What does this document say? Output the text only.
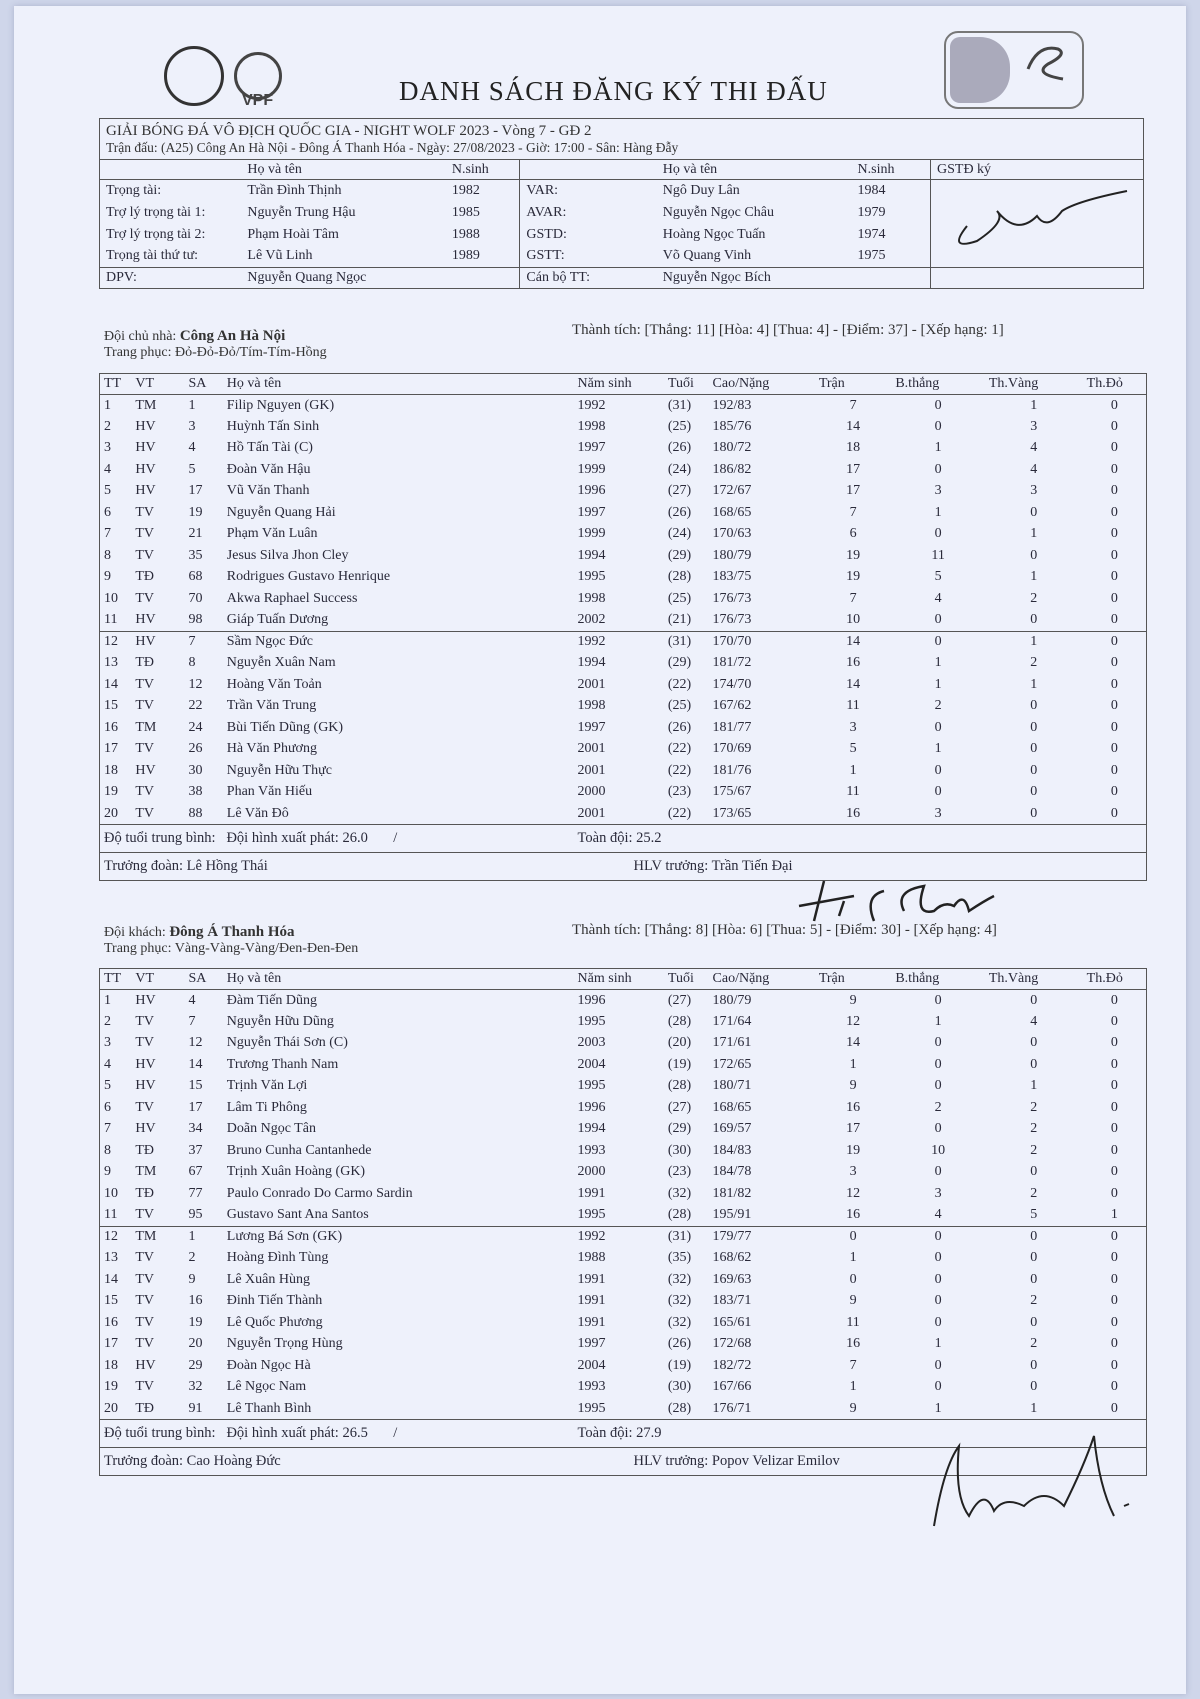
VPF	DANH SÁCH ĐĂNG KÝ THI ĐẤU
GIẢI BÓNG ĐÁ VÔ ĐỊCH QUỐC GIA - NIGHT WOLF 2023 - Vòng 7 - GĐ 2
Trận đấu: (A25) Công An Hà Nội - Đông Á Thanh Hóa - Ngày: 27/08/2023 - Giờ: 17:00 - Sân: Hàng Đẫy
	Họ và tên	N.sinh		Họ và tên	N.sinh	GSTĐ ký
Trọng tài:	Trần Đình Thịnh	1982	VAR:	Ngô Duy Lân	1984	
Trợ lý trọng tài 1:	Nguyễn Trung Hậu	1985	AVAR:	Nguyễn Ngọc Châu	1979	
Trợ lý trọng tài 2:	Phạm Hoài Tâm	1988	GSTD:	Hoàng Ngọc Tuấn	1974	
Trọng tài thứ tư:	Lê Vũ Linh	1989	GSTT:	Võ Quang Vinh	1975	
DPV:	Nguyễn Quang Ngọc		Cán bộ TT:	Nguyễn Ngọc Bích		
Đội chủ nhà: Công An Hà Nội
Trang phục: Đỏ-Đỏ-Đỏ/Tím-Tím-Hồng
Thành tích: [Thắng: 11] [Hòa: 4] [Thua: 4] - [Điểm: 37] - [Xếp hạng: 1]
TT	VT	SA	Họ và tên	Năm sinh	Tuổi	Cao/Nặng	Trận	B.thắng	Th.Vàng	Th.Đỏ
1	TM	1	Filip Nguyen (GK)	1992	(31)	192/83	7	0	1	0
2	HV	3	Huỳnh Tấn Sinh	1998	(25)	185/76	14	0	3	0
3	HV	4	Hồ Tấn Tài (C)	1997	(26)	180/72	18	1	4	0
4	HV	5	Đoàn Văn Hậu	1999	(24)	186/82	17	0	4	0
5	HV	17	Vũ Văn Thanh	1996	(27)	172/67	17	3	3	0
6	TV	19	Nguyễn Quang Hải	1997	(26)	168/65	7	1	0	0
7	TV	21	Phạm Văn Luân	1999	(24)	170/63	6	0	1	0
8	TV	35	Jesus Silva Jhon Cley	1994	(29)	180/79	19	11	0	0
9	TĐ	68	Rodrigues Gustavo Henrique	1995	(28)	183/75	19	5	1	0
10	TV	70	Akwa Raphael Success	1998	(25)	176/73	7	4	2	0
11	HV	98	Giáp Tuấn Dương	2002	(21)	176/73	10	0	0	0
12	HV	7	Sầm Ngọc Đức	1992	(31)	170/70	14	0	1	0
13	TĐ	8	Nguyễn Xuân Nam	1994	(29)	181/72	16	1	2	0
14	TV	12	Hoàng Văn Toản	2001	(22)	174/70	14	1	1	0
15	TV	22	Trần Văn Trung	1998	(25)	167/62	11	2	0	0
16	TM	24	Bùi Tiến Dũng (GK)	1997	(26)	181/77	3	0	0	0
17	TV	26	Hà Văn Phương	2001	(22)	170/69	5	1	0	0
18	HV	30	Nguyễn Hữu Thực	2001	(22)	181/76	1	0	0	0
19	TV	38	Phan Văn Hiếu	2000	(23)	175/67	11	0	0	0
20	TV	88	Lê Văn Đô	2001	(22)	173/65	16	3	0	0
Độ tuổi trung bình: Đội hình xuất phát: 26.0 /				Toàn đội: 25.2						
Trưởng đoàn: Lê Hồng Thái				HLV trưởng: Trần Tiến Đại						
Đội khách: Đông Á Thanh Hóa
Trang phục: Vàng-Vàng-Vàng/Đen-Đen-Đen
Thành tích: [Thắng: 8] [Hòa: 6] [Thua: 5] - [Điểm: 30] - [Xếp hạng: 4]
TT	VT	SA	Họ và tên	Năm sinh	Tuổi	Cao/Nặng	Trận	B.thắng	Th.Vàng	Th.Đỏ
1	HV	4	Đàm Tiến Dũng	1996	(27)	180/79	9	0	0	0
2	TV	7	Nguyễn Hữu Dũng	1995	(28)	171/64	12	1	4	0
3	TV	12	Nguyễn Thái Sơn (C)	2003	(20)	171/61	14	0	0	0
4	HV	14	Trương Thanh Nam	2004	(19)	172/65	1	0	0	0
5	HV	15	Trịnh Văn Lợi	1995	(28)	180/71	9	0	1	0
6	TV	17	Lâm Ti Phông	1996	(27)	168/65	16	2	2	0
7	HV	34	Doãn Ngọc Tân	1994	(29)	169/57	17	0	2	0
8	TĐ	37	Bruno Cunha Cantanhede	1993	(30)	184/83	19	10	2	0
9	TM	67	Trịnh Xuân Hoàng (GK)	2000	(23)	184/78	3	0	0	0
10	TĐ	77	Paulo Conrado Do Carmo Sardin	1991	(32)	181/82	12	3	2	0
11	TV	95	Gustavo Sant Ana Santos	1995	(28)	195/91	16	4	5	1
12	TM	1	Lương Bá Sơn (GK)	1992	(31)	179/77	0	0	0	0
13	TV	2	Hoàng Đình Tùng	1988	(35)	168/62	1	0	0	0
14	TV	9	Lê Xuân Hùng	1991	(32)	169/63	0	0	0	0
15	TV	16	Đinh Tiến Thành	1991	(32)	183/71	9	0	2	0
16	TV	19	Lê Quốc Phương	1991	(32)	165/61	11	0	0	0
17	TV	20	Nguyễn Trọng Hùng	1997	(26)	172/68	16	1	2	0
18	HV	29	Đoàn Ngọc Hà	2004	(19)	182/72	7	0	0	0
19	TV	32	Lê Ngọc Nam	1993	(30)	167/66	1	0	0	0
20	TĐ	91	Lê Thanh Bình	1995	(28)	176/71	9	1	1	0
Độ tuổi trung bình: Đội hình xuất phát: 26.5 /				Toàn đội: 27.9						
Trưởng đoàn: Cao Hoàng Đức				HLV trưởng: Popov Velizar Emilov						
